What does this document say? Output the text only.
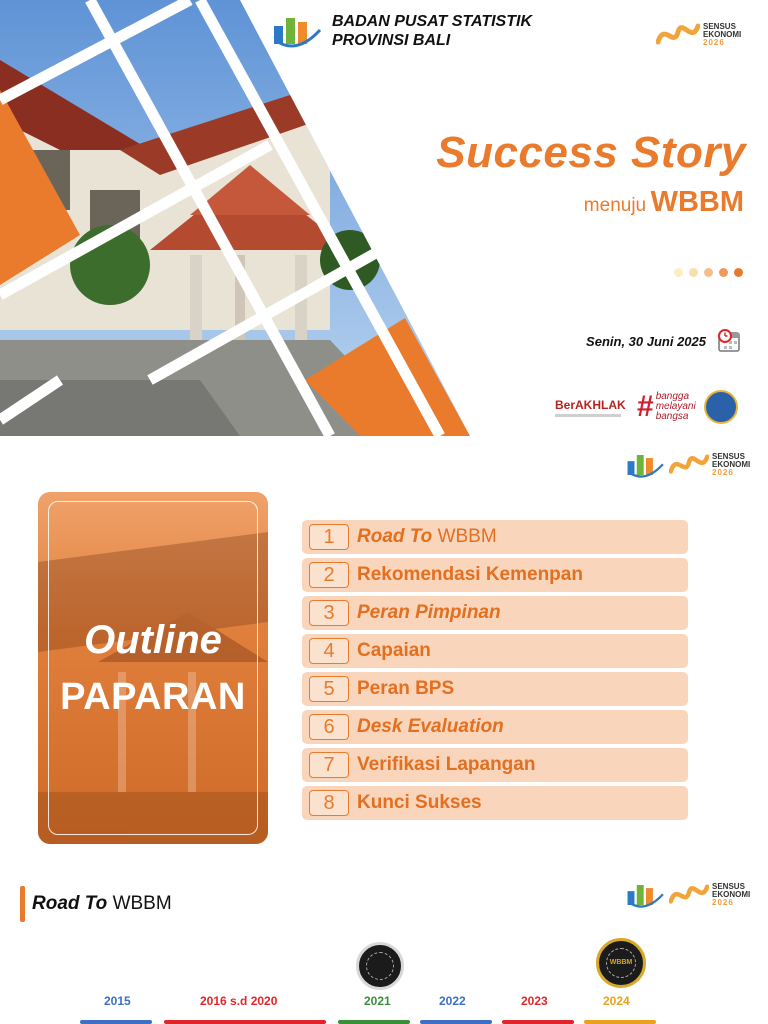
BADAN PUSAT STATISTIK
PROVINSI BALI
SENSUS
EKONOMI
2026
Success Story
menuju WBBM
Senin, 30 Juni 2025
BerAKHLAK # bangga
melayani
bangsa
SENSUS
EKONOMI
2026
Outline
PAPARAN
1	Road To WBBM
2	Rekomendasi Kemenpan
3	Peran Pimpinan
4	Capaian
5	Peran BPS
6	Desk Evaluation
7	Verifikasi Lapangan
8	Kunci Sukses
Road To WBBM
SENSUS
EKONOMI
2026
WBBM
2015	2016 s.d 2020	2021	2022	2023	2024
